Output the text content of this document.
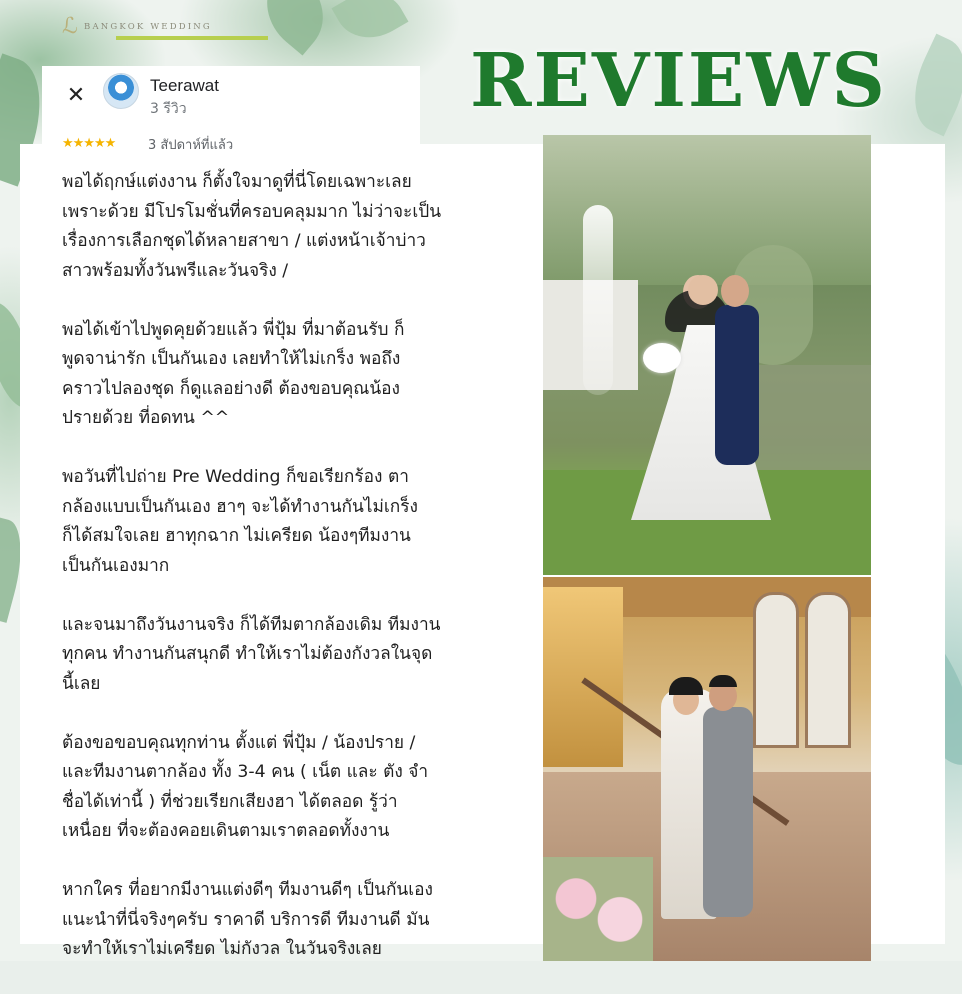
ℒ BANGKOK WEDDING
REVIEWS
✕	Teerawat
3 รีวิว
★★★★★	3 สัปดาห์ที่แล้ว

พอได้ฤกษ์แต่งงาน ก็ตั้งใจมาดูที่นี่โดยเฉพาะเลย
เพราะด้วย มีโปรโมชั่นที่ครอบคลุมมาก ไม่ว่าจะเป็น
เรื่องการเลือกชุดได้หลายสาขา / แต่งหน้าเจ้าบ่าว
สาวพร้อมทั้งวันพรีและวันจริง /

พอได้เข้าไปพูดคุยด้วยแล้ว พี่ปุ้ม ที่มาต้อนรับ ก็
พูดจาน่ารัก เป็นกันเอง เลยทำให้ไม่เกร็ง พอถึง
คราวไปลองชุด ก็ดูแลอย่างดี ต้องขอบคุณน้อง
ปรายด้วย ที่อดทน ^^

พอวันที่ไปถ่าย Pre Wedding ก็ขอเรียกร้อง ตา
กล้องแบบเป็นกันเอง ฮาๆ จะได้ทำงานกันไม่เกร็ง
ก็ได้สมใจเลย ฮาทุกฉาก ไม่เครียด น้องๆทีมงาน
เป็นกันเองมาก

และจนมาถึงวันงานจริง ก็ได้ทีมตากล้องเดิม ทีมงาน
ทุกคน ทำงานกันสนุกดี ทำให้เราไม่ต้องกังวลในจุด
นี้เลย

ต้องขอขอบคุณทุกท่าน ตั้งแต่ พี่ปุ้ม / น้องปราย /
และทีมงานตากล้อง ทั้ง 3-4 คน ( เน็ต และ ตัง จำ
ชื่อได้เท่านี้ ) ที่ช่วยเรียกเสียงฮา ได้ตลอด รู้ว่า
เหนื่อย ที่จะต้องคอยเดินตามเราตลอดทั้งงาน

หากใคร ที่อยากมีงานแต่งดีๆ ทีมงานดีๆ เป็นกันเอง
แนะนำที่นี่จริงๆครับ ราคาดี บริการดี ทีมงานดี มัน
จะทำให้เราไม่เครียด ไม่กังวล ในวันจริงเลย
